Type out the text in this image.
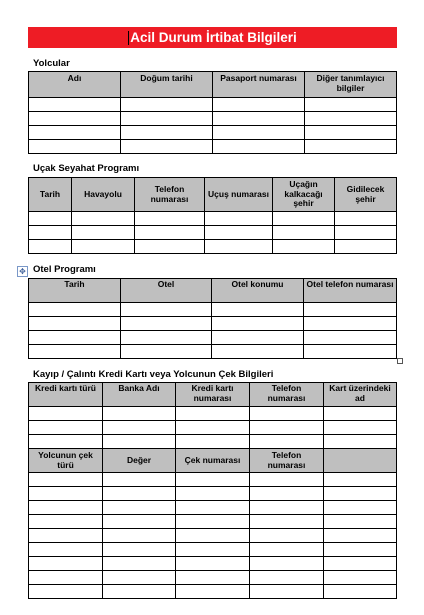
Acil Durum İrtibat Bilgileri
Yolcular
Adı	Doğum tarihi	Pasaport numarası	Diğer tanımlayıcı bilgiler

Uçak Seyahat Programı
Tarih	Havayolu	Telefon numarası	Uçuş numarası	Uçağın kalkacağı şehir	Gidilecek şehir

✥ Otel Programı
Tarih	Otel	Otel konumu	Otel telefon numarası

Kayıp / Çalıntı Kredi Kartı veya Yolcunun Çek Bilgileri
Kredi kartı türü	Banka Adı	Kredi kartı numarası	Telefon numarası	Kart üzerindeki ad

Yolcunun çek türü	Değer	Çek numarası	Telefon numarası	
